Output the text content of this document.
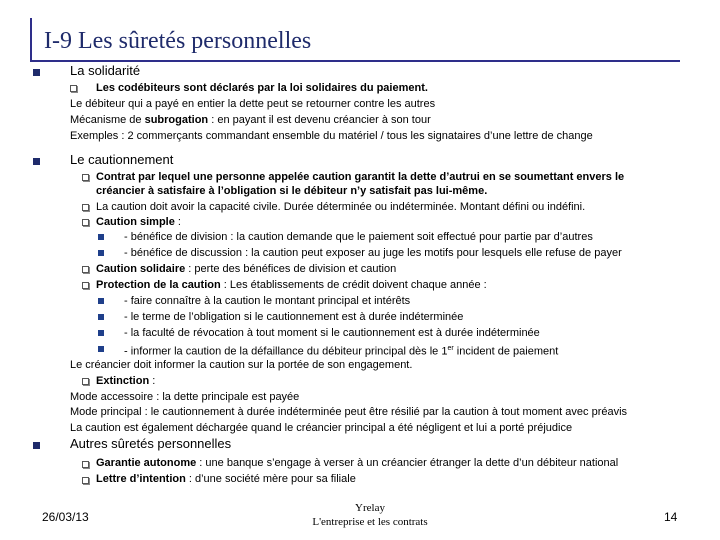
I-9 Les sûretés personnelles
La solidarité
Les codébiteurs sont déclarés par la loi solidaires du paiement.
Le débiteur qui a payé en entier la dette peut se retourner contre les autres
Mécanisme de subrogation : en payant il est devenu créancier à son tour
Exemples : 2 commerçants commandant ensemble du matériel / tous les signataires d’une lettre de change
Le cautionnement
Contrat par lequel une personne appelée caution garantit la dette d’autrui en se soumettant envers le
créancier à satisfaire à l’obligation si le débiteur n’y satisfait pas lui-même.
La caution doit avoir la capacité civile. Durée déterminée ou indéterminée. Montant défini ou indéfini.
Caution simple :
- bénéfice de division : la caution demande que le paiement soit effectué pour partie par d’autres
- bénéfice de discussion : la caution peut exposer au juge les motifs pour lesquels elle refuse de payer
Caution solidaire : perte des bénéfices de division et caution
Protection de la caution : Les établissements de crédit doivent chaque année :
- faire connaître à la caution le montant principal et intérêts
- le terme de l’obligation si le cautionnement est à durée indéterminée
- la faculté de révocation à tout moment si le cautionnement est à durée indéterminée
- informer la caution de la défaillance du débiteur principal dès le 1er incident de paiement
Le créancier doit informer la caution sur la portée de son engagement.
Extinction :
Mode accessoire : la dette principale est payée
Mode principal : le cautionnement à durée indéterminée peut être résilié par la caution à tout moment avec préavis
La caution est également déchargée quand le créancier principal a été négligent et lui a porté préjudice
Autres sûretés personnelles
Garantie autonome : une banque s’engage à verser à un créancier étranger la dette d’un débiteur national
Lettre d’intention : d’une société mère pour sa filiale
26/03/13
Yrelay
L'entreprise et les contrats	14
